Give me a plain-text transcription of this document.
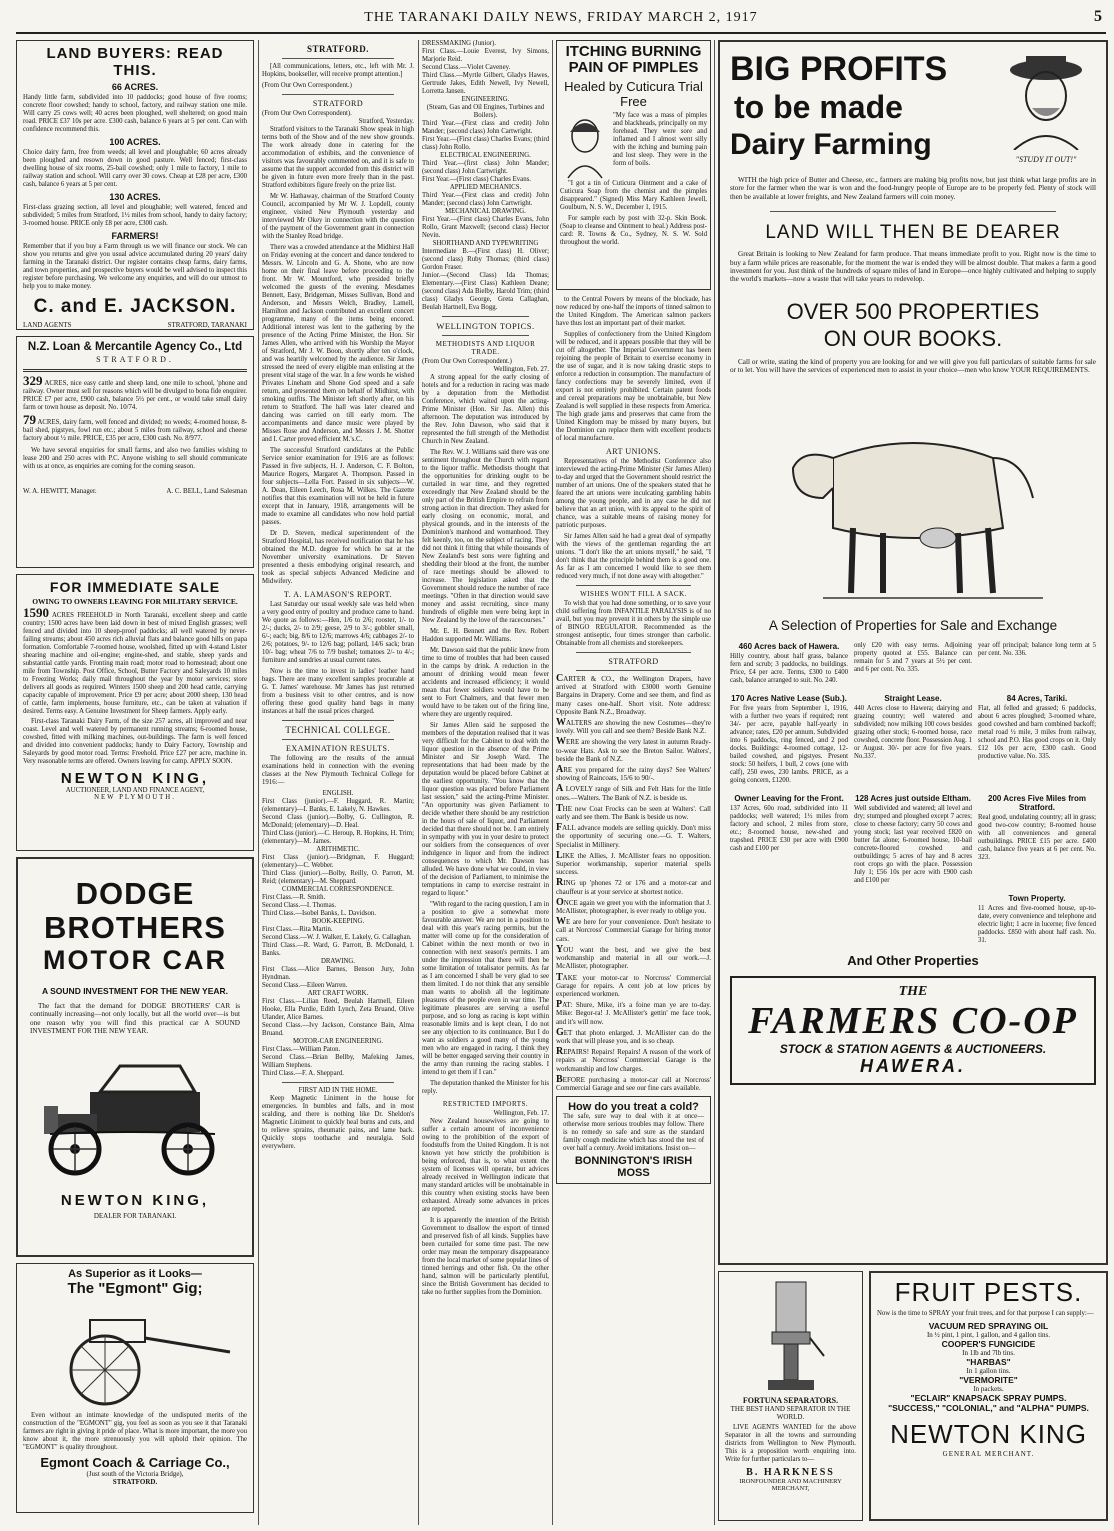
THE TARANAKI DAILY NEWS, FRIDAY MARCH 2, 1917	5
LAND BUYERS: READ THIS.
66 ACRES.
Handy little farm, subdivided into 10 paddocks; good house of five rooms; concrete floor cowshed; handy to school, factory, and railway station one mile. Will carry 25 cows well; 40 acres been ploughed, well sheltered; on good main road. PRICE £37 10s per acre. £300 cash, balance 6 years at 5 per cent. Can with confidence recommend this.
100 ACRES.
Choice dairy farm, free from weeds; all level and ploughable; 60 acres already been ploughed and resown down in good pasture. Well fenced; first-class dwelling house of six rooms, 25-bail cowshed; only 1 mile to factory, 1 mile to railway station and school. Will carry over 30 cows. Cheap at £28 per acre, £300 cash, balance 6 years at 5 per cent.
130 ACRES.
First-class grazing section, all level and ploughable; well watered, fenced and subdivided; 5 miles from Stratford, 1½ miles from school, handy to dairy factory; 3-roomed house. PRICE only £8 per acre, £300 cash.
FARMERS!
Remember that if you buy a Farm through us we will finance our stock. We can show you returns and give you usual advice accumulated during 20 years' dairy farming in the Taranaki district. Our register contains cheap farms, dairy farms, and town properties, and prospective buyers would be well advised to inspect this register before purchasing. We welcome any enquiries, and will do our utmost to help you to make money.
C. and E. JACKSON.
LAND AGENTS	STRATFORD, TARANAKI
N.Z. Loan & Mercantile Agency Co., Ltd
STRATFORD.
329 ACRES, nice easy cattle and sheep land, one mile to school, 'phone and railway. Owner must sell for reasons which will be divulged to bona fide enquirer. PRICE £7 per acre, £900 cash, balance 5½ per cent., or would take small dairy farm or town house as deposit. No. 10/74.
79 ACRES, dairy farm, well fenced and divided; no weeds; 4-roomed house, 8-bail shed, pigstyes, fowl run etc.; about 5 miles from railway, school and cheese factory about ½ mile. PRICE, £35 per acre, £300 cash. No. 8/977.
We have several enquiries for small farms, and also two families wishing to lease 200 and 250 acres with P.C. Anyone wishing to sell should communicate with us at once, as enquiries are coming for the coming season.
W. A. HEWITT, Manager.	A. C. BELL, Land Salesman
FOR IMMEDIATE SALE
OWING TO OWNERS LEAVING FOR MILITARY SERVICE.
1590 ACRES FREEHOLD in North Taranaki, excellent sheep and cattle country; 1500 acres have been laid down in best of mixed English grasses; well fenced and divided into 10 sheep-proof paddocks; all well watered by never-failing streams; about 450 acres rich alluvial flats and balance good hills on papa formation. Comfortable 7-roomed house, woolshed, fitted up with 4-stand Lister shearing machine and oil-engine; engine-shed, and stable, sheep yards and substantial cattle yards. Fronting main road; motor road to homestead; about one mile from Township. Post Office, School, Butter Factory and Saleyards 10 miles to Freezing Works; daily mail throughout the year by motor services; store delivers all goods as required. Winters 1500 sheep and 200 head cattle, carrying capacity capable of improvement. Price £9 per acre; about 2000 sheep, 130 head of cattle, farm implements, house furniture, etc., can be taken at valuation if desired. Terms easy. A Genuine Investment for Sheep farmers. Apply early.
First-class Taranaki Dairy Farm, of the size 257 acres, all improved and near coast. Level and well watered by permanent running streams; 6-roomed house, cowshed, fitted with milking machines, out-buildings. The farm is well fenced and divided into convenient paddocks; handy to Dairy Factory, Township and Saleyards by good motor road. Terms: Freehold. Price £27 per acre, machine in. Very reasonable terms are offered. Owners leaving for camp. APPLY SOON.
NEWTON KING,
AUCTIONEER, LAND AND FINANCE AGENT,
NEW PLYMOUTH.
DODGE BROTHERS
MOTOR CAR
A SOUND INVESTMENT FOR THE NEW YEAR.
The fact that the demand for DODGE BROTHERS' CAR is continually increasing—not only locally, but all the world over—is but one reason why you will find this practical car A SOUND INVESTMENT FOR THE NEW YEAR.
NEWTON KING,
DEALER FOR TARANAKI.
As Superior as it Looks—
The "Egmont" Gig;
Even without an intimate knowledge of the undisputed merits of the construction of the "EGMONT" gig, you feel as soon as you see it that Taranaki farmers are right in giving it pride of place. What is more important, the more you know about it, the more strenuously you will uphold their opinion. The "EGMONT" is quality throughout.
Egmont Coach & Carriage Co.,
(Just south of the Victoria Bridge),
STRATFORD.
STRATFORD.
[All communications, letters, etc., left with Mr. J. Hopkins, bookseller, will receive prompt attention.]
(From Our Own Correspondent.)
STRATFORD
(From Our Own Correspondent).
Stratford, Yesterday.
Stratford visitors to the Taranaki Show speak in high terms both of the Show and of the new show grounds. The work already done in catering for the accommodation of exhibits, and the convenience of visitors was favourably commented on, and it is safe to assume that the support accorded from this district will be given in future even more freely than in the past. Stratford exhibitors figure freely on the prize list.
Mr W. Hathaway, chairman of the Stratford County Council, accompanied by Mr W. J. Lopdell, county engineer, visited New Plymouth yesterday and interviewed Mr Okey in connection with the question of the payment of the Government grant in connection with the Stanley Road bridge.
There was a crowded attendance at the Midhirst Hall on Friday evening at the concert and dance tendered to Messrs. W. Lincoln and G. A. Shone, who are now home on their final leave before proceeding to the front. Mr W. Mountford, who presided briefly welcomed the guests of the evening. Mesdames Bennett, Easy, Bridgeman, Misses Sullivan, Bond and Anderson, and Messrs Welch, Bradley, Lamell, Hamilton and Jackson contributed an excellent concert programme, many of the items being encored. Additional interest was lent to the gathering by the presence of the Acting Prime Minister, the Hon. Sir James Allen, who arrived with his Worship the Mayor of Stratford, Mr J. W. Boon, shortly after ten o'clock, and was heartily welcomed by the audience. Sir James stressed the need of every eligible man enlisting at the present vital stage of the war. In a few words he wished Privates Lineham and Shone God speed and a safe return, and presented them on behalf of Midhirst, with smoking outfits. The Minister left shortly after, on his return to Stratford. The hall was later cleared and dancing was carried on till early morn. The accompaniments and dance music were played by Misses Rose and Anderson, and Messrs J. M. Shotter and I. Carter proved efficient M.'s.C.
The successful Stratford candidates at the Public Service senior examination for 1916 are as follows: Passed in five subjects, H. J. Anderson, C. F. Bolton, Maurice Rogers, Margaret A. Thompson. Passed in four subjects—Lella Fort. Passed in six subjects—W. A. Dean, Eileen Leech, Rosa M. Wilkes. The Gazette notifies that this examination will not be held in future except that in January, 1918, arrangements will be made to examine all candidates who now hold partial passes.
Dr D. Steven, medical superintendent of the Stratford Hospital, has received notification that he has obtained the M.D. degree for which he sat at the November university examinations. Dr Steven presented a thesis embodying original research, and took as special subjects Advanced Medicine and Midwifery.
T. A. LAMASON'S REPORT.
Last Saturday our usual weekly sale was held when a very good entry of poultry and produce came to hand. We quote as follows:—Hen, 1/6 to 2/6; rooster, 1/- to 2/-; ducks, 2/- to 2/9; geese, 2/9 to 3/-; gobbler small, 6/-; each; big, 8/6 to 12/6; marrows 4/6; cabbages 2/- to 2/6; potatoes, 9/- to 12/6 bag; pollard, 14/6 sack; bran 10/- bag; wheat 7/6 to 7/9 bushel; tomatoes 2/- to 4/-; furniture and sundries at usual current rates.
Now is the time to invest in ladies' leather hand bags. There are many excellent samples procurable at G. T. James' warehouse. Mr James has just returned from a business visit to other centres, and is now offering these good quality hand bags in many instances at half the usual prices charged.
TECHNICAL COLLEGE.
EXAMINATION RESULTS.
The following are the results of the annual examinations held in connection with the evening classes at the New Plymouth Technical College for 1916:—
ENGLISH.
First Class (junior).—F. Huggard, R. Martin; (elementary)—I. Banks, E. Lakely, N. Hawkes.
Second Class (junior).—Bolby, G. Cullington, R. McDonald; (elementary)—D. Heal.
Third Class (junior).—C. Heroup, R. Hopkins, H. Trim; (elementary)—M. James.
ARITHMETIC.
First Class (junior).—Bridgman, F. Huggard; (elementary)—C. Webber.
Third Class (junior).—Bolby, Reilly, O. Parrott, M. Reid; (elementary)—M. Sheppard.
COMMERCIAL CORRESPONDENCE.
First Class.—R. Smith.
Second Class.—I. Thomas.
Third Class.—Isobel Banks, L. Davidson.
BOOK-KEEPING.
First Class.—Rita Martin.
Second Class.—W. J. Walker, E. Lakely, G. Callaghan.
Third Class.—R. Ward, G. Parrott, B. McDonald, I. Banks.
DRAWING.
First Class.—Alice Barnes, Benson Jury, John Hyndman.
Second Class.—Eileen Warren.
ART CRAFT WORK.
First Class.—Lilian Reed, Beulah Hartnell, Eileen Hooke, Ella Purdie, Edith Lynch, Zeta Bruand, Olive Ulander, Alice Barnes.
Second Class.—Ivy Jackson, Constance Bain, Alma Bruand.
MOTOR-CAR ENGINEERING.
First Class.—William Paton.
Second Class.—Brian Bellby, Mafeking James, William Stephens.
Third Class.—F. A. Sheppard.
FIRST AID IN THE HOME.
Keep Magnetic Liniment in the house for emergencies. In bumbles and falls, and in most scalding, and there is nothing like Dr. Sheldon's Magnetic Liniment to quickly heal burns and cuts, and to relieve sprains, rheumatic pains, and lame back. Quickly stops toothache and neuralgia. Sold everywhere.
DRESSMAKING (Junior).
First Class.—Louie Everest, Ivy Simons, Marjorie Reid.
Second Class.—Violet Caveney.
Third Class.—Myrtle Gilbert, Gladys Hawes, Gertrude Jakes, Edith Newell, Ivy Newell, Lorretta Jansen.
ENGINEERING.
(Steam, Gas and Oil Engines, Turbines and Boilers).
Third Year.—(First class and credit) John Mander; (second class) John Cartwright.
First Year.—(First class) Charles Evans; (third class) John Rollo.
ELECTRICAL ENGINEERING.
Third Year.—(first class) John Mander; (second class) John Cartwright.
First Year.—(First class) Charles Evans.
APPLIED MECHANICS.
Third Year.—(First class and credit) John Mander; (second class) John Cartwright.
MECHANICAL DRAWING.
First Year.—(First class) Charles Evans, John Rollo, Grant Maxwell; (second class) Hector Nevin.
SHORTHAND AND TYPEWRITING
Intermediate B.—(First class) H. Oliver; (second class) Ruby Thomas; (third class) Gordon Fraser.
Junior.—(Second Class) Ida Thomas; Elementary.—(First Class) Kathleen Deane; (second class) Ada Bielby, Harold Trim; (third class) Gladys George, Greta Callaghan, Beulah Hartnell, Eva Bogg.
WELLINGTON TOPICS.
METHODISTS AND LIQUOR TRADE.
(From Our Own Correspondent.)
Wellington, Feb. 27.
A strong appeal for the early closing of hotels and for a reduction in racing was made by a deputation from the Methodist Conference, which waited upon the acting-Prime Minister (Hon. Sir Jas. Allen) this afternoon. The deputation was introduced by the Rev. John Dawson, who said that it represented the full strength of the Methodist Church in New Zealand.
The Rev. W. J. Williams said there was one sentiment throughout the Church with regard to the liquor traffic. Methodists thought that the opportunities for drinking ought to be curtailed in war time, and they regretted exceedingly that New Zealand should be the only part of the British Empire to refrain from strong action in that direction. They asked for early closing on economic, moral, and physical grounds, and in the interests of the Dominion's manhood and womanhood. They felt keenly, too, on the subject of racing. They did not think it fitting that while thousands of New Zealand's best sons were fighting and shedding their blood at the front, the number of race meetings should be allowed to increase. The legislation asked that the Government should reduce the number of race meetings. "Often in that direction would save money and assist recruiting, since many hundreds of eligible men were being kept in New Zealand by the love of the racecourses."
Mr. E. H. Bennett and the Rev. Robert Haddon supported Mr. Williams.
Mr. Dawson said that the public knew from time to time of troubles that had been caused in the camps by drink. A reduction in the amount of drinking would mean fewer accidents and increased efficiency; it would mean that fewer soldiers would have to be sent to Fort Chalmers, and that fewer men would have to be taken out of the firing line, where they are urgently required.
Sir James Allen said he supposed the members of the deputation realised that it was very difficult for the Cabinet to deal with the liquor question in the absence of the Prime Minister and Sir Joseph Ward. The representations that had been made by the deputation would be placed before Cabinet at the earliest opportunity. "You know that the liquor question was placed before Parliament last session," said the acting-Prime Minister. "An opportunity was given Parliament to decide whether there should be any restriction in the hours of sale of liquor, and Parliament decided that there should not be. I am entirely in sympathy with you in your desire to protect our soldiers from the consequences of over indulgence in liquor and from the indirect consequences to which Mr. Dawson has alluded. We have done what we could, in view of the decision of Parliament, to minimise the temptations in camp to exercise restraint in regard to liquor."
"With regard to the racing question, I am in a position to give a somewhat more favourable answer. We are not in a position to deal with this year's racing permits, but the matter will come up for the consideration of Cabinet within the next month or two in connection with next season's permits. I am under the impression that there will then be some limitation of totalisator permits. As far as I am concerned I shall be very glad to see them limited. I do not think that any sensible man wants to abolish all the legitimate pleasures of the people even in war time. The legitimate pleasures are serving a useful purpose, and so long as racing is kept within reasonable limits and is kept clean, I do not see any objection to its continuance. But I do want as soldiers a good many of the young men who are engaged in racing. I think they will be better engaged serving their country in the army than running the racing stables. I intend to get them if I can."
The deputation thanked the Minister for his reply.
RESTRICTED IMPORTS.
Wellington, Feb. 17.
New Zealand housewives are going to suffer a certain amount of inconvenience owing to the prohibition of the export of foodstuffs from the United Kingdom. It is not known yet how strictly the prohibition is being enforced, that is, to what extent the system of licenses will operate, but advices already received in Wellington indicate that many standard articles will be unobtainable in this country when existing stocks have been exhausted. Already some advances in prices are reported.
It is apparently the intention of the British Government to disallow the export of tinned and preserved fish of all kinds. Supplies have been curtailed for some time past. The new order may mean the temporary disappearance from the local market of some popular lines of tinned herrings and other fish. On the other hand, salmon will be particularly plentiful, since the British Government has decided to take no further supplies from the Dominion.
ITCHING BURNING PAIN OF PIMPLES
Healed by Cuticura Trial Free
"My face was a mass of pimples and blackheads, principally on my forehead. They were sore and inflamed and I almost went silly with the itching and burning pain and lost sleep. They were in the form of boils.
"I got a tin of Cuticura Ointment and a cake of Cuticura Soap from the chemist and the pimples disappeared." (Signed) Miss Mary Kathleen Jewell, Goulburn, N. S. W., December 1, 1915.
For sample each by post with 32-p. Skin Book. (Soap to cleanse and Ointment to heal.) Address post-card: R. Towns & Co., Sydney, N. S. W. Sold throughout the world.
to the Central Powers by means of the blockade, has now reduced by one-half the imports of tinned salmon to the United Kingdom. The American salmon packers have thus lost an important part of their market.
Supplies of confectionery from the United Kingdom will be reduced, and it appears possible that they will be cut off altogether. The Imperial Government has been rejoining the people of Britain to exercise economy in the use of sugar, and it is now taking drastic steps to enforce a reduction in consumption. The manufacture of fancy confections may be severely limited, even if export is not entirely prohibited. Certain patent foods and cereal preparations may be unobtainable, but New Zealand is well supplied in these respects from America. The high grade jams and preserves that came from the United Kingdom may be missed by many buyers, but the Dominion can replace them with excellent products of local manufacture.
ART UNIONS.
Representatives of the Methodist Conference also interviewed the acting-Prime Minister (Sir James Allen) to-day and urged that the Government should restrict the number of art unions. One of the speakers stated that he feared the art unions were inculcating gambling habits among the young people, and in any case he did not believe that an art union, with its appeal to the spirit of chance, was a suitable means of raising money for patriotic purposes.
Sir James Allen said he had a great deal of sympathy with the views of the gentleman regarding the art unions. "I don't like the art unions myself," he said, "I don't think that the principle behind them is a good one. As far as I am concerned I would like to see them reduced very much, if not done away with altogether."
WISHES WON'T FILL A SACK.
To wish that you had done something, or to save your child suffering from INFANTILE PARALYSIS is of no avail, but you may prevent it in others by the simple use of BINGO REGULATOR. Recommended as the strongest antiseptic, four times stronger than carbolic. Obtainable from all chemists and storekeepers.
STRATFORD

CARTER & CO., the Wellington Drapers, have arrived at Stratford with £3000 worth Genuine Bargains in Drapery. Come and see them, and find as many cases one-half. Short visit. Note address: Opposite Bank N.Z., Broadway.

WALTERS are showing the new Costumes—they're lovely. Will you call and see them? Beside Bank N.Z.

WERE are showing the very latest in autumn Ready-to-wear Hats. Ask to see the Breton Sailor. Walters', beside the Bank of N.Z.

ARE you prepared for the rainy days? See Walters' showing of Raincoats, 15/6 to 90/-.

A LOVELY range of Silk and Felt Hats for the little ones.—Walters. The Bank of N.Z. is beside us.

THE new Coat Frocks can be seen at Walters'. Call early and see them. The Bank is beside us now.

FALL advance models are selling quickly. Don't miss the opportunity of securing one.—G. T. Walters, Specialist in Millinery.

LIKE the Allies, J. McAllister fears no opposition. Superior workmanship, superior material spells success.

RING up 'phones 72 or 176 and a motor-car and chauffeur is at your service at shortest notice.

ONCE again we greet you with the information that J. McAllister, photographer, is ever ready to oblige you.

WE are here for your convenience. Don't hesitate to call at Norcross' Commercial Garage for hiring motor cars.

YOU want the best, and we give the best workmanship and material in all our work.—J. McAllister, photographer.

TAKE your motor-car to Norcross' Commercial Garage for repairs. A cent job at low prices by experienced workmen.

PAT: Shure, Mike, it's a foine man ye are to-day. Mike: Begor-ra! J. McAllister's gettin' me face took, and it's will now.

GET that photo enlarged. J. McAllister can do the work that will please you, and is so cheap.

REPAIRS! Repairs! Repairs! A reason of the work of repairs at Norcross' Commercial Garage is the workmanship and low charges.

BEFORE purchasing a motor-car call at Norcross' Commercial Garage and see our fine cars available.

How do you treat a cold?
The safe, sure way to deal with it at once—otherwise more serious troubles may follow. There is no remedy so safe and sure as the standard family cough medicine which has stood the test of over half a century. Avoid imitations. Insist on—
BONNINGTON'S IRISH MOSS
BIG PROFITS
to be made
Dairy Farming	"STUDY IT OUT!"
WITH the high price of Butter and Cheese, etc., farmers are making big profits now, but just think what large profits are in store for the farmer when the war is won and the food-hungry people of Europe are to be properly fed. Plenty of stock will then be available at lower freights, and New Zealand farmers will coin money.
LAND WILL THEN BE DEARER
Great Britain is looking to New Zealand for farm produce. That means immediate profit to you. Right now is the time to buy a farm while prices are reasonable, for the moment the war is ended they will be almost double. That makes a farm a good investment for you. Just think of the hundreds of square miles of land in Europe—once highly cultivated and helping to supply the world's markets—now a waste that will take years to redevelop.
OVER 500 PROPERTIES ON OUR BOOKS.
Call or write, stating the kind of property you are looking for and we will give you full particulars of suitable farms for sale or to let. You will have the services of experienced men to assist in your choice—men who know YOUR REQUIREMENTS.
A Selection of Properties for Sale and Exchange
460 Acres back of Hawera.
Hilly country, about half grass, balance fern and scrub; 3 paddocks, no buildings. Price, £4 per acre. Terms, £300 to £400 cash, balance arranged to suit. No. 240.
only £20 with easy terms. Adjoining property quoted at £55. Balance can remain for 5 and 7 years at 5½ per cent. and 6 per cent. No. 335.
year off principal; balance long term at 5 per cent. No. 336.
170 Acres Native Lease (Sub.).
For five years from September 1, 1916, with a further two years if required; rent 34/- per acre, payable half-yearly in advance; rates, £20 per annum. Subdivided into 6 paddocks, ring fenced, and 2 pod docks. Buildings: 4-roomed cottage, 12-bailed cowshed, and pigstyes. Present stock: 50 heifers, 1 bull, 2 cows (one with calf), 250 ewes, 230 lambs. PRICE, as a going concern, £1200.
Straight Lease.
440 Acres close to Hawera; dairying and grazing country; well watered and subdivided; now milking 100 cows besides grazing other stock; 6-roomed house, race cowshed, concrete floor. Possession Aug. 1 or August. 30/- per acre for five years. No.337.
84 Acres, Tariki.
Flat, all felled and grassed; 6 paddocks, about 6 acres ploughed; 3-roomed whare, good cowshed and barn combined backoff; metal road ½ mile, 3 miles from railway, school and P.O. Has good crops on it. Only £12 10s per acre, £300 cash. Good productive value. No. 335.
Owner Leaving for the Front.
137 Acres, 60o road, subdivided into 11 paddocks; well watered; 1½ miles from factory and school, 2 miles from store, etc.; 8-roomed house, new-shed and trapshed. PRICE £30 per acre with £900 cash and £100 per
128 Acres just outside Eltham.
Well subdivided and watered; all level and dry; stumped and ploughed except 7 acres; close to cheese factory; carry 50 cows and young stock; last year received £820 on butter fat alone; 6-roomed house, 10-bail concrete-floored cowshed and outbuildings; 5 acres of hay and 8 acres root crops go with the place. Possession July 1; £56 10s per acre with £900 cash and £100 per
200 Acres Five Miles from Stratford.
Real good, undulating country; all in grass; good two-cow country; 8-roomed house with all conveniences and general outbuildings. PRICE £15 per acre. £400 cash, balance five years at 6 per cent. No. 323.
Town Property.
11 Acres and five-roomed house, up-to-date, every convenience and telephone and electric light; 1 acre in lucerne; five fenced paddocks. £850 with about half cash. No. 31.
And Other Properties
THE
FARMERS CO-OP
STOCK & STATION AGENTS & AUCTIONEERS.
HAWERA.
FORTUNA SEPARATORS.
THE BEST HAND SEPARATOR IN THE WORLD.
LIVE AGENTS WANTED for the above Separator in all the towns and surrounding districts from Wellington to New Plymouth. This is a proposition worth enquiring into. Write for further particulars to—
B. HARKNESS
IRONFOUNDER AND MACHINERY MERCHANT,
FRUIT PESTS.
Now is the time to SPRAY your fruit trees, and for that purpose I can supply:—
VACUUM RED SPRAYING OIL
In ½ pint, 1 pint, 1 gallon, and 4 gallon tins.
COOPER'S FUNGICIDE
In 1lb and 7lb tins.
"HARBAS"
In 1 gallon tins.
"VERMORITE"
In packets.
"ECLAIR" KNAPSACK SPRAY PUMPS.
"SUCCESS," "COLONIAL," and "ALPHA" PUMPS.
NEWTON KING
GENERAL MERCHANT.
